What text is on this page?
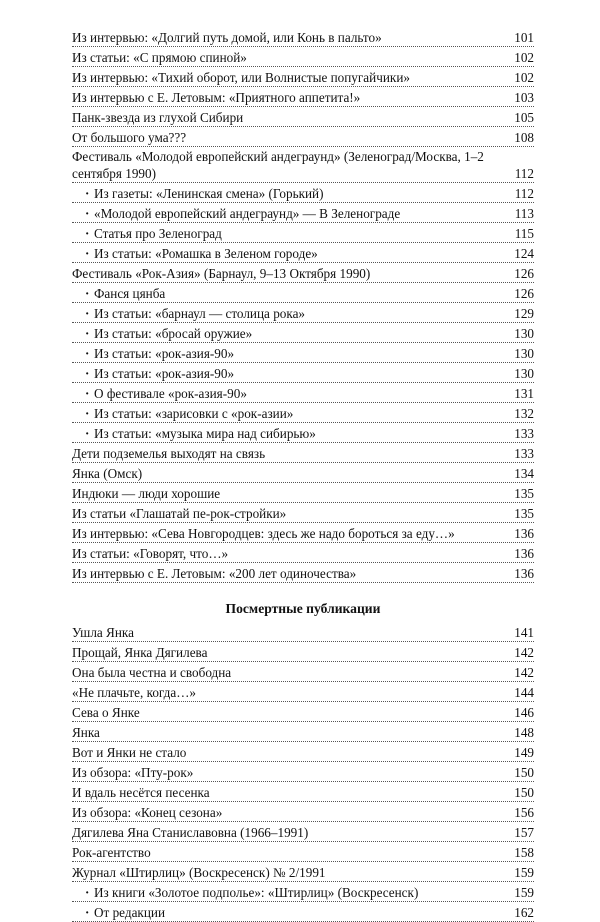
Из интервью: «Долгий путь домой, или Конь в пальто»	101
Из статьи: «С прямою спиной»	102
Из интервью: «Тихий оборот, или Волнистые попугайчики»	102
Из интервью с Е. Летовым: «Приятного аппетита!»	103
Панк-звезда из глухой Сибири	105
От большого ума???	108
Фестиваль «Молодой европейский андеграунд» (Зеленоград/Москва, 1–2 сентября 1990)	112
· Из газеты: «Ленинская смена» (Горький)	112
· «Молодой европейский андеграунд» — В Зеленограде	113
· Статья про Зеленоград	115
· Из статьи: «Ромашка в Зеленом городе»	124
Фестиваль «Рок-Азия» (Барнаул, 9–13 Октября 1990)	126
· Фанся цянба	126
· Из статьи: «барнаул — столица рока»	129
· Из статьи: «бросай оружие»	130
· Из статьи: «рок-азия-90»	130
· Из статьи: «рок-азия-90»	130
· О фестивале «рок-азия-90»	131
· Из статьи: «зарисовки с «рок-азии»	132
· Из статьи: «музыка мира над сибирью»	133
Дети подземелья выходят на связь	133
Янка (Омск)	134
Индюки — люди хорошие	135
Из статьи «Глашатай пе-рок-стройки»	135
Из интервью: «Сева Новгородцев: здесь же надо бороться за еду…»	136
Из статьи: «Говорят, что…»	136
Из интервью с Е. Летовым: «200 лет одиночества»	136
Посмертные публикации
Ушла Янка	141
Прощай, Янка Дягилева	142
Она была честна и свободна	142
«Не плачьте, когда…»	144
Сева о Янке	146
Янка	148
Вот и Янки не стало	149
Из обзора: «Пту-рок»	150
И вдаль несётся песенка	150
Из обзора: «Конец сезона»	156
Дягилева Яна Станиславовна (1966–1991)	157
Рок-агентство	158
Журнал «Штирлиц» (Воскресенск) № 2/1991	159
· Из книги «Золотое подполье»: «Штирлиц» (Воскресенск)	159
· От редакции	162
